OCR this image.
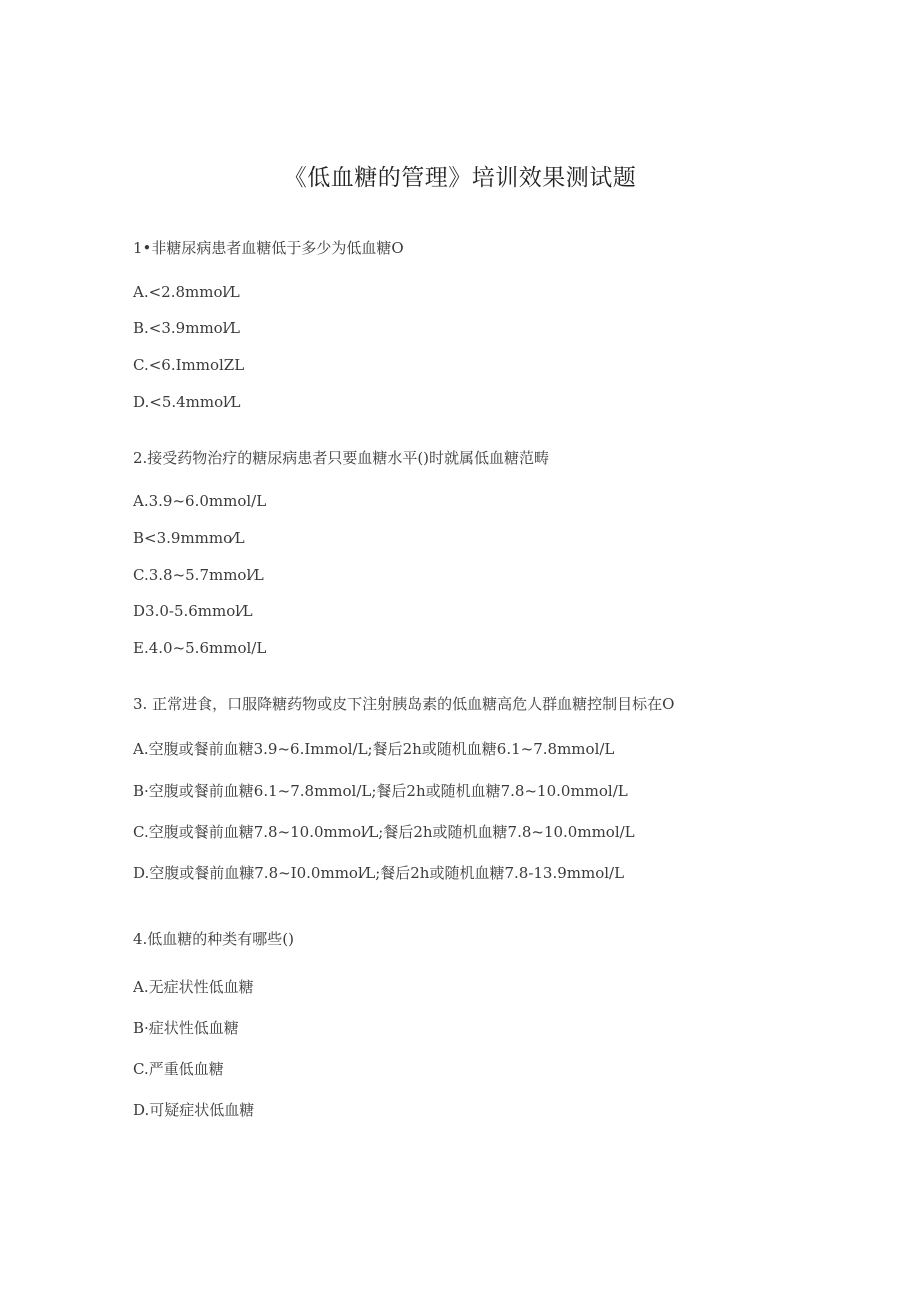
《低血糖的管理》培训效果测试题
1•非糖尿病患者血糖低于多少为低血糖O
A.<2.8mmol⁄L
B.<3.9mmol⁄L
C.<6.ImmolZL
D.<5.4mmol⁄L
2.接受药物治疗的糖尿病患者只要血糖水平()时就属低血糖范畴
A.3.9~6.0mmol/L
B<3.9mmmo⁄L
C.3.8~5.7mmol⁄L
D3.0-5.6mmol⁄L
E.4.0~5.6mmol/L
3. 正常进食，口服降糖药物或皮下注射胰岛素的低血糖高危人群血糖控制目标在O
A.空腹或餐前血糖3.9~6.Immol/L;餐后2h或随机血糖6.1~7.8mmol/L
B·空腹或餐前血糖6.1~7.8mmol/L;餐后2h或随机血糖7.8~10.0mmol/L
C.空腹或餐前血糖7.8~10.0mmol⁄L;餐后2h或随机血糖7.8~10.0mmol/L
D.空腹或餐前血糠7.8~I0.0mmol⁄L;餐后2h或随机血糖7.8-13.9mmol/L
4.低血糖的种类有哪些()
A.无症状性低血糖
B·症状性低血糖
C.严重低血糖
D.可疑症状低血糖
